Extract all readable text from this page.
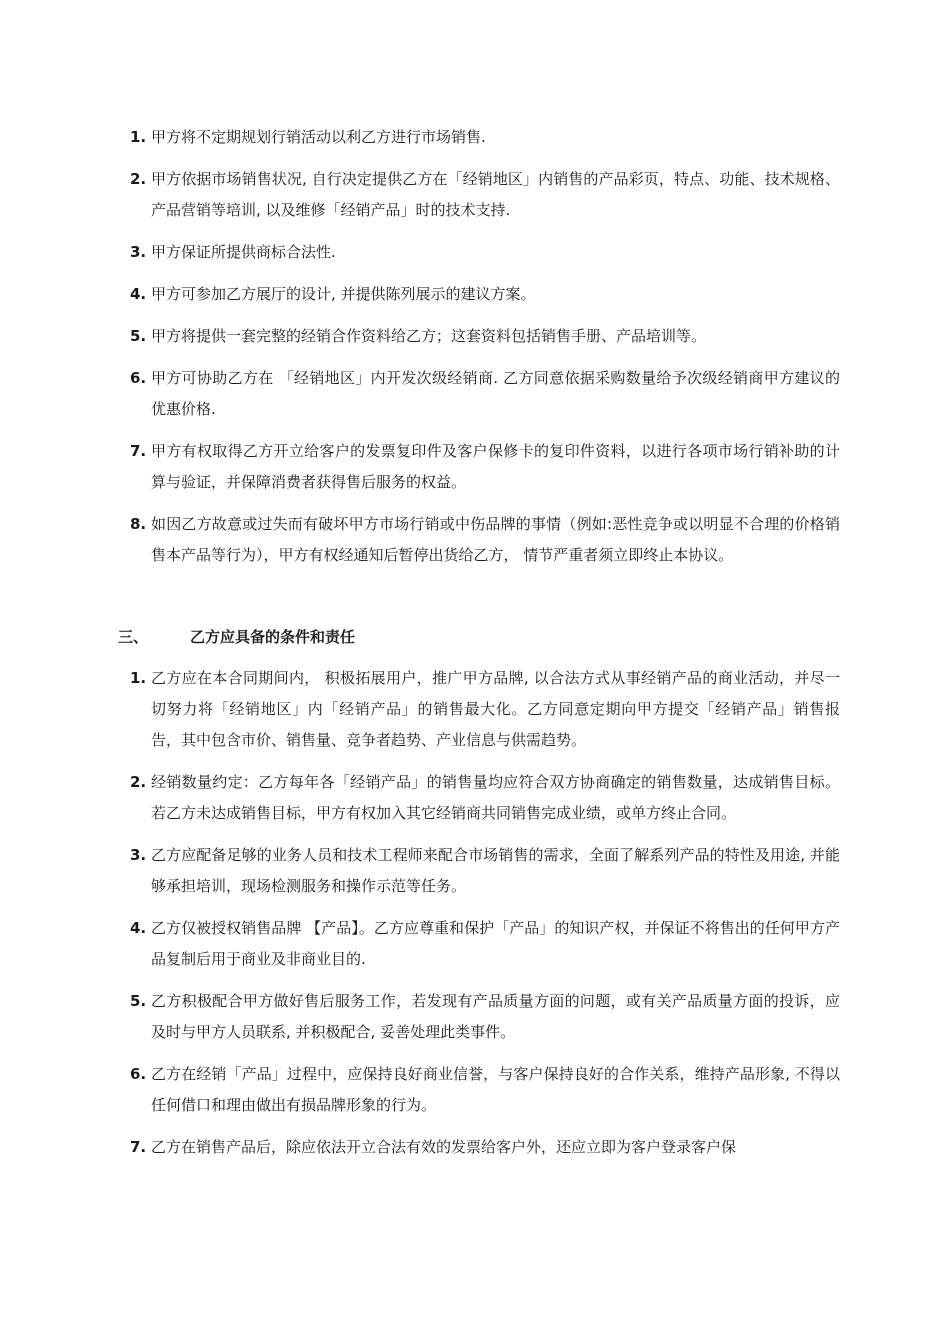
1. 甲方将不定期规划行销活动以利乙方进行市场销售.
2. 甲方依据市场销售状况, 自行决定提供乙方在「经销地区」内销售的产品彩页，特点、功能、技术规格、产品营销等培训, 以及维修「经销产品」时的技术支持.
3. 甲方保证所提供商标合法性.
4. 甲方可参加乙方展厅的设计, 并提供陈列展示的建议方案。
5. 甲方将提供一套完整的经销合作资料给乙方；这套资料包括销售手册、产品培训等。
6. 甲方可协助乙方在 「经销地区」内开发次级经销商. 乙方同意依据采购数量给予次级经销商甲方建议的优惠价格.
7. 甲方有权取得乙方开立给客户的发票复印件及客户保修卡的复印件资料，以进行各项市场行销补助的计算与验证，并保障消费者获得售后服务的权益。
8. 如因乙方故意或过失而有破坏甲方市场行销或中伤品牌的事情（例如:恶性竞争或以明显不合理的价格销售本产品等行为），甲方有权经通知后暂停出货给乙方， 情节严重者须立即终止本协议。
三、	乙方应具备的条件和责任
1. 乙方应在本合同期间内， 积极拓展用户，推广甲方品牌, 以合法方式从事经销产品的商业活动，并尽一切努力将「经销地区」内「经销产品」的销售最大化。乙方同意定期向甲方提交「经销产品」销售报告，其中包含市价、销售量、竞争者趋势、产业信息与供需趋势。
2. 经销数量约定：乙方每年各「经销产品」的销售量均应符合双方协商确定的销售数量，达成销售目标。若乙方未达成销售目标，甲方有权加入其它经销商共同销售完成业绩，或单方终止合同。
3. 乙方应配备足够的业务人员和技术工程师来配合市场销售的需求，全面了解系列产品的特性及用途, 并能够承担培训，现场检测服务和操作示范等任务。
4. 乙方仅被授权销售品牌 【产品】。乙方应尊重和保护「产品」的知识产权，并保证不将售出的任何甲方产品复制后用于商业及非商业目的.
5. 乙方积极配合甲方做好售后服务工作，若发现有产品质量方面的问题，或有关产品质量方面的投诉，应及时与甲方人员联系, 并积极配合, 妥善处理此类事件。
6. 乙方在经销「产品」过程中，应保持良好商业信誉，与客户保持良好的合作关系，维持产品形象, 不得以任何借口和理由做出有损品牌形象的行为。
7. 乙方在销售产品后，除应依法开立合法有效的发票给客户外，还应立即为客户登录客户保
